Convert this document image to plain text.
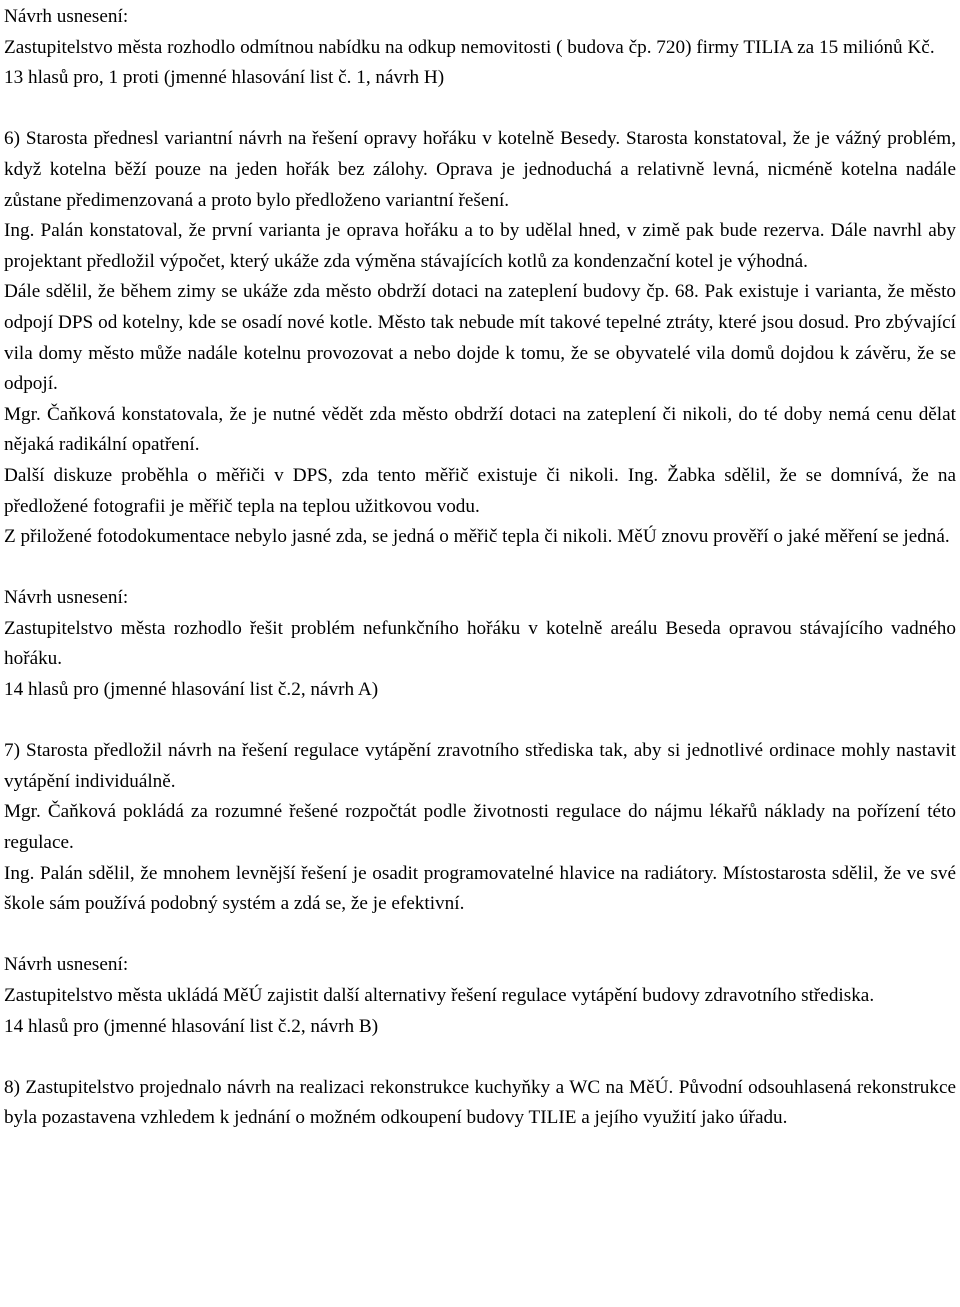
Návrh usnesení:
Zastupitelstvo města rozhodlo odmítnou nabídku na odkup nemovitosti ( budova čp. 720) firmy TILIA za 15 miliónů Kč.
13 hlasů pro, 1 proti (jmenné hlasování list č. 1, návrh H)
6) Starosta přednesl variantní návrh na řešení opravy hořáku v kotelně Besedy. Starosta konstatoval, že je vážný problém, když kotelna běží pouze na jeden hořák bez zálohy. Oprava je jednoduchá a relativně levná, nicméně kotelna nadále zůstane předimenzovaná a proto bylo předloženo variantní řešení.
Ing. Palán konstatoval, že první varianta je oprava hořáku a to by udělal hned, v zimě pak bude rezerva. Dále navrhl aby projektant předložil výpočet, který ukáže zda výměna stávajících kotlů za kondenzační kotel je výhodná.
Dále sdělil, že během zimy se ukáže zda město obdrží dotaci na zateplení budovy čp. 68. Pak existuje i varianta, že město odpojí DPS od kotelny, kde se osadí nové kotle. Město tak nebude mít takové tepelné ztráty, které jsou dosud. Pro zbývající vila domy město může nadále kotelnu provozovat a nebo dojde k tomu, že se obyvatelé vila domů dojdou k závěru, že se odpojí.
Mgr. Čaňková konstatovala, že je nutné vědět zda město obdrží dotaci na zateplení či nikoli, do té doby nemá cenu dělat nějaká radikální opatření.
Další diskuze proběhla o měřiči v DPS, zda tento měřič existuje či nikoli. Ing. Žabka sdělil, že se domnívá, že na předložené fotografii je měřič tepla na teplou užitkovou vodu.
Z přiložené fotodokumentace nebylo jasné zda, se jedná o měřič tepla či nikoli. MěÚ znovu prověří o jaké měření se jedná.
Návrh usnesení:
Zastupitelstvo města rozhodlo řešit problém nefunkčního hořáku v kotelně areálu Beseda opravou stávajícího vadného hořáku.
14 hlasů pro (jmenné hlasování list č.2, návrh A)
7) Starosta předložil návrh na řešení regulace vytápění zravotního střediska tak, aby si jednotlivé ordinace mohly nastavit vytápění individuálně.
Mgr. Čaňková pokládá za rozumné řešené rozpočtát podle životnosti regulace do nájmu lékařů náklady na pořízení této regulace.
Ing. Palán sdělil, že mnohem levnější řešení je osadit programovatelné hlavice na radiátory. Místostarosta sdělil, že ve své škole sám používá podobný systém a zdá se, že je efektivní.
Návrh usnesení:
Zastupitelstvo města ukládá MěÚ zajistit další alternativy řešení regulace vytápění budovy zdravotního střediska.
14 hlasů pro (jmenné hlasování list č.2, návrh B)
8) Zastupitelstvo projednalo návrh na realizaci rekonstrukce kuchyňky a WC na MěÚ. Původní odsouhlasená rekonstrukce byla pozastavena vzhledem k jednání o možném odkoupení budovy TILIE a jejího využití jako úřadu.
